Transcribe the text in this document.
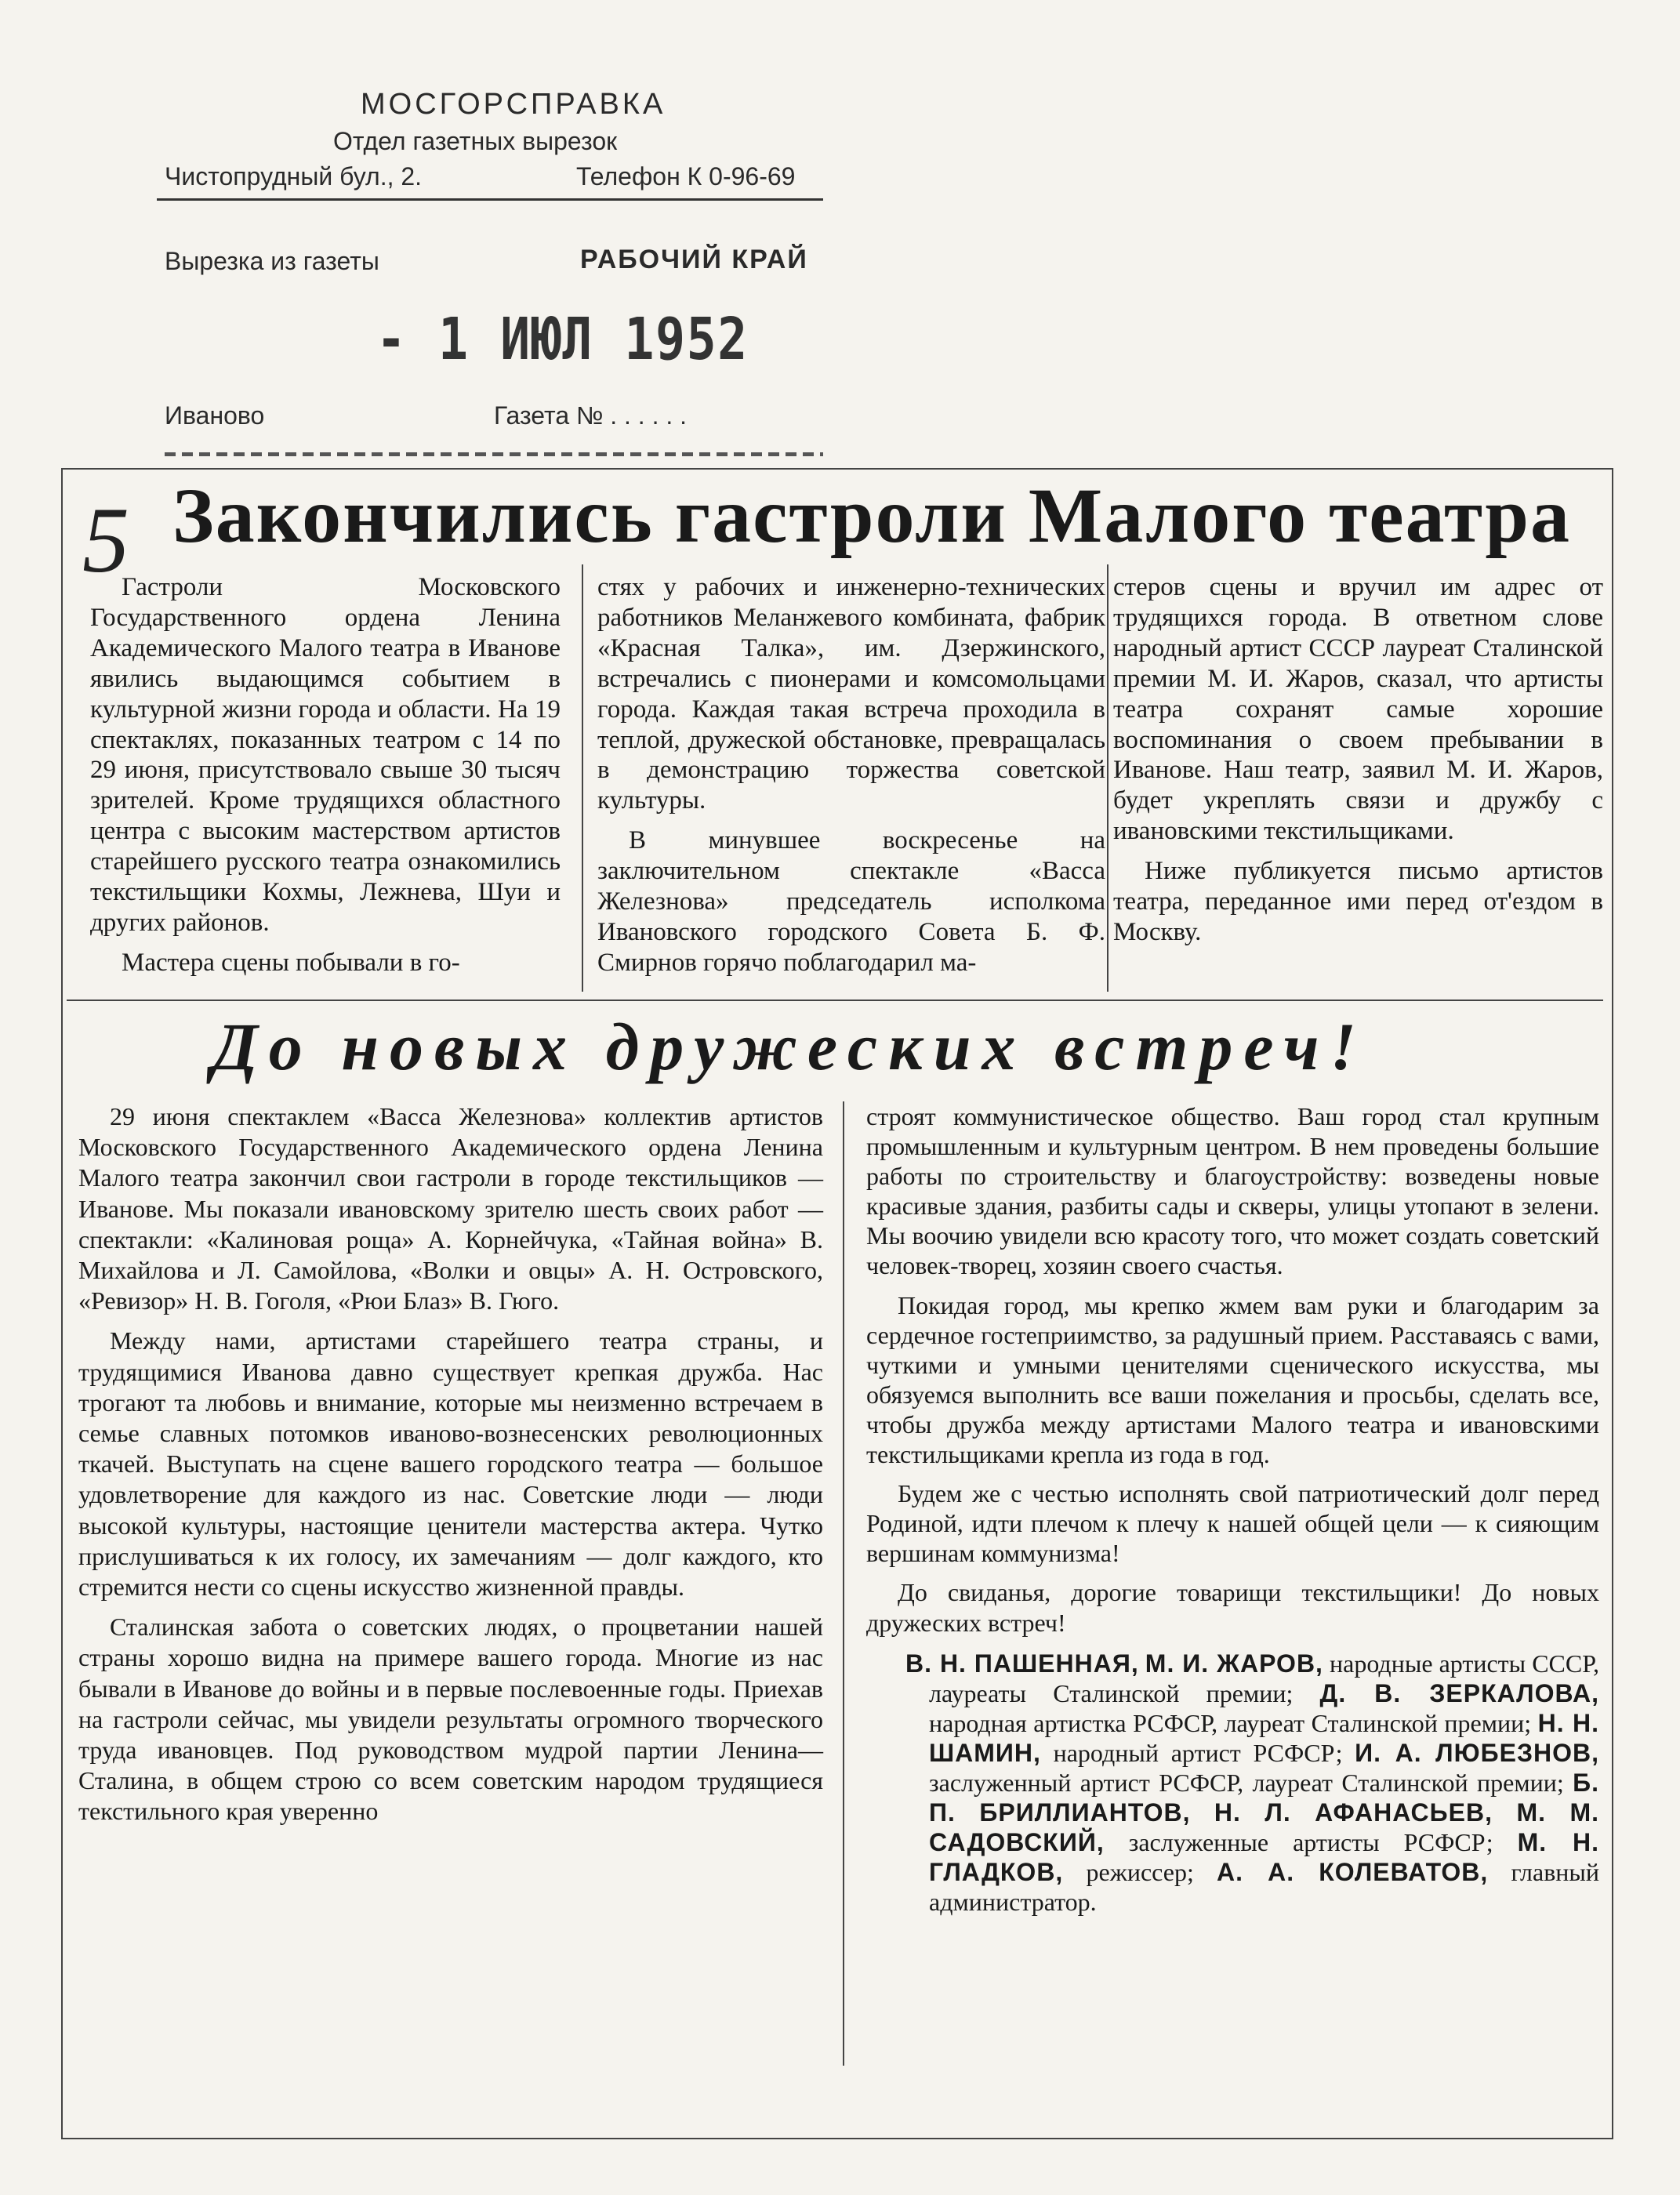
МОСГОРСПРАВКА
Отдел газетных вырезок
Чистопрудный бул., 2.	Телефон К 0-96-69
Вырезка из газеты	РАБОЧИЙ КРАЙ
- 1 ИЮЛ 1952
Иваново	Газета № . . . . . .
5 Закончились гастроли Малого театра

Гастроли Московского Государственного ордена Ленина Академического Малого театра в Иванове явились выдающимся событием в культурной жизни города и области. На 19 спектаклях, показанных театром с 14 по 29 июня, присутствовало свыше 30 тысяч зрителей. Кроме трудящихся областного центра с высоким мастерством артистов старейшего русского театра ознакомились текстильщики Кохмы, Лежнева, Шуи и других районов.

Мастера сцены побывали в го-

стях у рабочих и инженерно-технических работников Меланжевого комбината, фабрик «Красная Талка», им. Дзержинского, встречались с пионерами и комсомольцами города. Каждая такая встреча проходила в теплой, дружеской обстановке, превращалась в демонстрацию торжества советской культуры.

В минувшее воскресенье на заключительном спектакле «Васса Железнова» председатель исполкома Ивановского городского Совета Б. Ф. Смирнов горячо поблагодарил ма-

стеров сцены и вручил им адрес от трудящихся города. В ответном слове народный артист СССР лауреат Сталинской премии М. И. Жаров, сказал, что артисты театра сохранят самые хорошие воспоминания о своем пребывании в Иванове. Наш театр, заявил М. И. Жаров, будет укреплять связи и дружбу с ивановскими текстильщиками.

Ниже публикуется письмо артистов театра, переданное ими перед от'ездом в Москву.

До новых дружеских встреч!

29 июня спектаклем «Васса Железнова» коллектив артистов Московского Государственного Академического ордена Ленина Малого театра закончил свои гастроли в городе текстильщиков — Иванове. Мы показали ивановскому зрителю шесть своих работ — спектакли: «Калиновая роща» А. Корнейчука, «Тайная война» В. Михайлова и Л. Самойлова, «Волки и овцы» А. Н. Островского, «Ревизор» Н. В. Гоголя, «Рюи Блаз» В. Гюго.

Между нами, артистами старейшего театра страны, и трудящимися Иванова давно существует крепкая дружба. Нас трогают та любовь и внимание, которые мы неизменно встречаем в семье славных потомков иваново-вознесенских революционных ткачей. Выступать на сцене вашего городского театра — большое удовлетворение для каждого из нас. Советские люди — люди высокой культуры, настоящие ценители мастерства актера. Чутко прислушиваться к их голосу, их замечаниям — долг каждого, кто стремится нести со сцены искусство жизненной правды.

Сталинская забота о советских людях, о процветании нашей страны хорошо видна на примере вашего города. Многие из нас бывали в Иванове до войны и в первые послевоенные годы. Приехав на гастроли сейчас, мы увидели результаты огромного творческого труда ивановцев. Под руководством мудрой партии Ленина—Сталина, в общем строю со всем советским народом трудящиеся текстильного края уверенно

строят коммунистическое общество. Ваш город стал крупным промышленным и культурным центром. В нем проведены большие работы по строительству и благоустройству: возведены новые красивые здания, разбиты сады и скверы, улицы утопают в зелени. Мы воочию увидели всю красоту того, что может создать советский человек-творец, хозяин своего счастья.

Покидая город, мы крепко жмем вам руки и благодарим за сердечное гостеприимство, за радушный прием. Расставаясь с вами, чуткими и умными ценителями сценического искусства, мы обязуемся выполнить все ваши пожелания и просьбы, сделать все, чтобы дружба между артистами Малого театра и ивановскими текстильщиками крепла из года в год.

Будем же с честью исполнять свой патриотический долг перед Родиной, идти плечом к плечу к нашей общей цели — к сияющим вершинам коммунизма!

До свиданья, дорогие товарищи текстильщики! До новых дружеских встреч!

В. Н. ПАШЕННАЯ, М. И. ЖАРОВ, народные артисты СССР, лауреаты Сталинской премии; Д. В. ЗЕРКАЛОВА, народная артистка РСФСР, лауреат Сталинской премии; Н. Н. ШАМИН, народный артист РСФСР; И. А. ЛЮБЕЗНОВ, заслуженный артист РСФСР, лауреат Сталинской премии; Б. П. БРИЛЛИАНТОВ, Н. Л. АФАНАСЬЕВ, М. М. САДОВСКИЙ, заслуженные артисты РСФСР; М. Н. ГЛАДКОВ, режиссер; А. А. КОЛЕВАТОВ, главный администратор.
